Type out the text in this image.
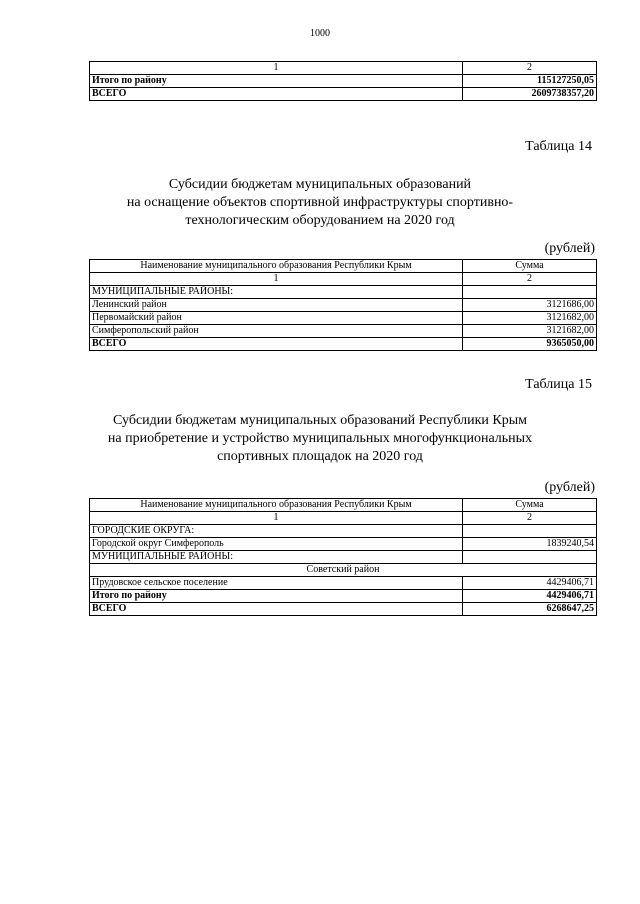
1000
1	2
Итого по району	115127250,05
ВСЕГО	2609738357,20
Таблица 14
Субсидии бюджетам муниципальных образований
на оснащение объектов спортивной инфраструктуры спортивно-
технологическим оборудованием на 2020 год
(рублей)
Наименование муниципального образования Республики Крым	Сумма
1	2
МУНИЦИПАЛЬНЫЕ РАЙОНЫ:	
Ленинский район	3121686,00
Первомайский район	3121682,00
Симферопольский район	3121682,00
ВСЕГО	9365050,00
Таблица 15
Субсидии бюджетам муниципальных образований Республики Крым
на приобретение и устройство муниципальных многофункциональных
спортивных площадок на 2020 год
(рублей)
Наименование муниципального образования Республики Крым	Сумма
1	2
ГОРОДСКИЕ ОКРУГА:	
Городской округ Симферополь	1839240,54
МУНИЦИПАЛЬНЫЕ РАЙОНЫ:	
Советский район	
Прудовское сельское поселение	4429406,71
Итого по району	4429406,71
ВСЕГО	6268647,25
